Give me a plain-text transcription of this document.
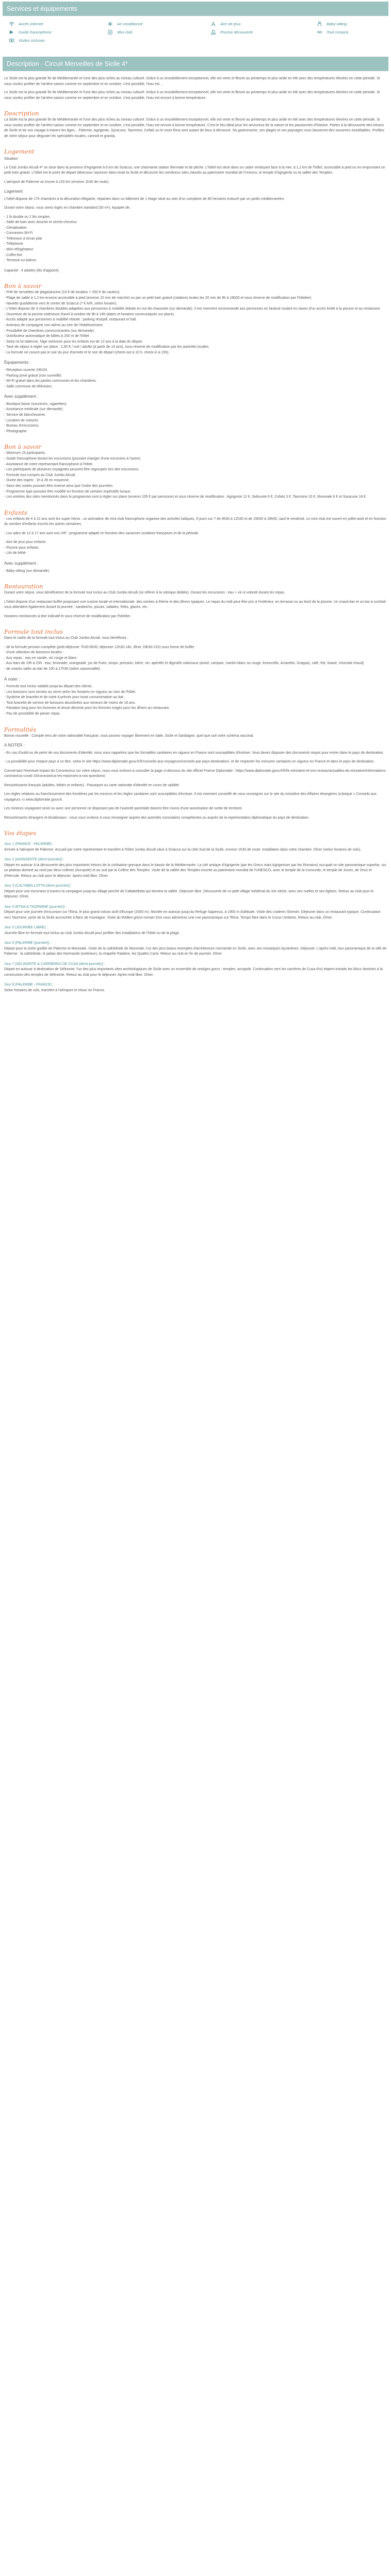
Services et équipements
Accès internet	Air conditionné	Aire de jeux	Baby-sitting
Guide francophone	Mini club	Piscine découverte	Tout compris
Visites incluses
Description - Circuit Merveilles de Sicile 4*

Le Sicile est la plus grande île de Méditerranée et l'une des plus riches au niveau culturel. Grâce à un ensoleillement exceptionnel, elle est verte et fleurie au printemps et plus aride en été avec des températures élevées en cette période. Si vous voulez profiter de l'arrière-saison comme en septembre et en octobre, c'est possible, l'eau est ...

Le Sicile est la plus grande île de Méditerranée et l'une des plus riches au niveau culturel. Grâce à un ensoleillement exceptionnel, elle est verte et fleurie au printemps et plus aride en été avec des températures élevées en cette période. Si vous voulez profiter de l'arrière-saison comme en septembre et en octobre, c'est possible, l'eau est encore à bonne température.

Description

La Sicile est la plus grande île de Méditerranée et l'une des plus riches au niveau culturel. Grâce à un ensoleillement exceptionnel, elle est verte et fleurie au printemps et plus aride en été avec des températures élevées en cette période. Si vous voulez profiter de l'arrière-saison comme en septembre et en octobre, c'est possible, l'eau est encore à bonne température. C'est le lieu idéal pour les amoureux de la nature et les passionnés d'histoire. Partez à la découverte des trésors de Sicile et de son voyage à travers les âges... Palerme, Agrigente, Syracuse, Taormine, Cefalù ou le mont Etna sont autant de lieux à découvrir. Sa gastronomie, ses plages et ses paysages vous laisseront des souvenirs inoubliables. Profitez de votre séjour pour déguster les spécialités locales, cannoli et granita.

Logement
Situation

Le Club Jumbo Alcudi 4* se situe dans la province d'Agrigente à 6 km de Sciacca, une charmante station thermale et de pêche. L'hôtel est situé dans un cadre verdoyant face à la mer, à 1,2 km de l'hôtel, accessible à pied ou en empruntant un petit train gratuit. L'hôtel est le point de départ idéal pour rayonner dans toute la Sicile et découvrir les nombreux sites classés au patrimoine mondial de l'Unesco, le temple d'Agrigente ou la vallée des Temples.

L'aéroport de Palerme se trouve à 120 km (environ 1h30 de route).

Logement

L'hôtel dispose de 175 chambres à la décoration élégante, réparties dans un bâtiment de 1 étage situé au sein d'un complexe de 80 hectares entouré par un jardin méditerranéen.

Durant votre séjour, vous serez logés en chambre standard (30 m²), équipée de :

- 1 lit double ou 2 lits simples
- Salle de bain avec douche et sèche-cheveux
- Climatisation
- Connexion Wi-Fi
- Télévision à écran plat
- Téléphone
- Mini-réfrigérateur
- Coffre-fort
- Terrasse ou balcon

Capacité : 4 adultes (lits d'appoint).

Bon à savoir
- Prêt de serviettes de plage/piscine (10 € de location + 250 € de caution).
- Plage de sable à 1,2 km environ accessible à pied (environ 10 min de marche) ou par un petit train gratuit (rotations toutes les 20 min de 9h à 18h00 et sous réserve de modification par l'hôtelier).
- Navette quotidienne vers le centre de Sciacca (7 € A/R, selon horaire).
- L'hôtel dispose de 3 chambres doubles adaptées aux personnes à mobilité réduite en rez-de-chaussée (sur demande). Il est vivement recommandé aux personnes en fauteuil roulant en raison d'un accès limité à la piscine et au restaurant.
- Ouverture de la piscine extérieure d'avril à octobre de 9h à 19h (dates et horaires communiqués sur place).
- Accès adapté aux personnes à mobilité réduite : parking réceptif, restaurant et hall.
- Animaux de compagnie non admis au sein de l'établissement.
- Possibilité de chambres communicantes (sur demande).
- Distributeur automatique de billets à 250 m de l'hôtel.
- Selon la loi italienne, l'âge minimum pour les enfants est de 12 ans à la date du départ.
- Taxe de séjour à régler sur place : 2,50 € / nuit / adulte (à partir de 14 ans), sous réserve de modification par les autorités locales.
- La formule ne couvre pas le soir du jour d'arrivée et le soir de départ (check-out à 10 h, check-in à 15h).
Équipements :
- Réception ouverte 24h/24.
- Parking privé gratuit (non surveillé).
- Wi-Fi gratuit dans les parties communes et les chambres.
- Salle commune de télévision.
Avec supplément :
- Boutique bazar (souvenirs, cigarettes).
- Assistance médicale (sur demande).
- Service de blanchisserie.
- Location de voitures.
- Bureau d'excursions.
- Photographe.
Bon à savoir
- Minimum 15 participants.
- Guide francophone durant les excursions (pouvant changer d'une excursion à l'autre).
- Assistance de notre représentant francophone à l'hôtel.
- Les participants de plusieurs voyagistes peuvent être regroupés lors des excursions.
- Formule tout compris au Club Jumbo Alcudi.
- Durée des trajets : 1h à 3h en moyenne.
- Sans des visites pouvant être inversé ainsi que l'ordre des journées.
- Programme type pouvant être modifié en fonction de certains impératifs locaux.
- Les entrées des sites mentionnés dans le programme sont à régler sur place (environ 105 € par personne) et sous réserve de modification : Agrigente 12 €, Selinunte 6 €, Cefalù 3 €, Taormine 10 €, Monreale 6 € et Syracuse 18 €.
Enfants

- Les enfants de 4 à 12 ans sont les super héros : un animateur de mini-club francophone organise des activités ludiques, 6 jours sur 7 de 9h30 à 12h30 et de 15h00 à 18h00, sauf le vendredi. Le mini-club est ouvert en juillet-août et en fonction du nombre d'enfants inscrits les autres semaines.

- Les ados de 12 à 17 ans sont nos VIP : programme adapté en fonction des vacances scolaires françaises et de la période.

- Aire de jeux pour enfants.
- Piscine pour enfants.
- Lits de bébé.
Avec supplément :
- Baby-sitting (sur demande).
Restauration

Durant votre séjour, vous bénéficierez de la formule tout inclus au Club Jumbo Alcudi (se référer à la rubrique dédiée). Durant les excursions : eau + vin à volonté durant les repas.

L'hôtel dispose d'un restaurant buffet proposant une cuisine locale et internationale, des soirées à thème et des dîners typiques. Le repas du midi peut être pris à l'extérieur, en terrasse ou au bord de la piscine. Un snack-bar et un bar à cocktail vous attendent également durant la journée : sandwichs, pizzas, salades, frites, glaces, etc.

Horaires mentionnés à titre indicatif et sous réserve de modification par l'hôtelier.

Formule tout inclus

Dans le cadre de la formule tout inclus au Club Jumbo Alcudi, vous bénéficiez :

- de la formule pension complète (petit-déjeuner 7h30-9h30, déjeuner 12h30-14h, dîner 19h30-21h) sous forme de buffet
- d'une sélection de boissons locales :
- Aux repas : eau en carafe, vin rouge et blanc
- Aux bars de 10h à 23h : eau, limonade, orangeade, jus de fruits, sirops, pression, bière, vin, apéritifs et digestifs nationaux (anisé, campari, martini blanc ou rouge, limoncello, Amaretto, Grappa), café, thé, tisane, chocolat chaud)
- de snacks salés au bar de 10h à 17h30 (selon saisonnalité).
À noter :
- Formule tout inclus valable jusqu'au départ des clients.
- Les boissons sont servies au verre selon les horaires en vigueur au sein de l'hôtel.
- Système de bracelet et de carte à prévoir pour toute consommation au bar.
- Tout bracelet de service de boissons alcoolisées aux mineurs de moins de 18 ans.
- Pantalon long pour les hommes et tenue décente pour les femmes exigés pour les dîners au restaurant.
- Pas de possibilité de panier repas.
Formalités

Bonne nouvelle : Compte tenu de votre nationalité française, vous pouvez voyager librement en Italie, Sicile et Sardaigne, quel que soit votre schéma vaccinal.

A NOTER :

- En cas d'oubli ou de perte de vos documents d'identité, nous vous rappelons que les formalités sanitaires en vigueur en France sont susceptibles d'évoluer. Vous devez disposer des documents requis pour entrer dans le pays de destination.

- La possibilité pour chaque pays à ce titre, selon le site https://www.diplomatie.gouv.fr/fr/conseils-aux-voyageurs/conseils-par-pays-destination/, et de respecter les mesures sanitaires en vigueur en France et dans le pays de destination.

Concernant l'éventuel impact du Coronavirus sur votre séjour, nous vous invitons à consulter la page ci-dessous du site officiel France Diplomatie : https://www.diplomatie.gouv.fr/fr/le-ministere-et-son-reseau/actualites-du-ministere/informations-coronavirus-covid-19/coronavirus-les-reponses-a-vos-questions/

Ressortissants français (adultes, bébés et enfants) : Passeport ou carte nationale d'identité en cours de validité.

Les règles relatives au franchissement des frontières par les mineurs et les règles sanitaires sont susceptibles d'évoluer. Il est vivement conseillé de vous renseigner sur le site du ministère des Affaires étrangères (rubrique « Conseils aux voyageurs ») www.diplomatie.gouv.fr.

Les mineurs voyageant seuls ou avec une personne ne disposant pas de l'autorité parentale doivent être munis d'une autorisation de sortie de territoire.

Ressortissants étrangers et binationaux : nous vous invitons à vous renseigner auprès des autorités consulaires compétentes ou auprès de la représentation diplomatique du pays de destination.

Vos étapes
Jour 1 (FRANCE - PALERME) :

Arrivée à l'aéroport de Palerme. Accueil par notre représentant et transfert à l'hôtel Jumbo Alcudi situé à Sciacca sur la côte Sud de la Sicile, environ 1h30 de route. Installation dans votre chambre. Dîner (selon horaires de vols).

Jour 2 (AGRIGENTE (demi-journée)) :

Départ en autocar à la découverte des plus importants trésors de la civilisation grecque dans le bassin de la Méditerranée. La cité antique d'Agrigente (par les Grecs mais Agrigentum par les Romains) occupait un site panoramique superbe, sur un plateau dominé au nord par deux collines (Acropole) et au sud par la Colline des Temples. Visite de la vallée des Temples inscrite au patrimoine mondial de l'UNESCO, avec le temple de la Concorde, le temple de Junon, de Zeus et d'Hercule. Retour au club pour le déjeuner. Après-midi libre. Dîner.

Jour 3 (CALTABELLOTTA (demi-journée)) :

Départ pour une excursion à travers la campagne jusqu'au village perché de Caltabellotta qui domine la vallée. Déjeuner libre. Découverte de ce petit village médiéval du XIe siècle, avec ses ruelles et ses églises. Retour au club pour le déjeuner. Dîner.

Jour 4 (ETNA & TAORMINE (journée)) :

Départ pour une journée d'excursion sur l'Etna, le plus grand volcan actif d'Europe (3300 m). Montée en autocar jusqu'au Refuge Sapienza, à 1900 m d'altitude. Visite des cratères Silvestri. Déjeuner dans un restaurant typique. Continuation vers Taormine, perle de la Sicile accrochée à flanc de montagne. Visite du théâtre gréco-romain d'où vous admirerez une vue panoramique sur l'Etna. Temps libre dans le Corso Umberto. Retour au club. Dîner.

Jour 5 (JOURNÉE LIBRE) :

Journée libre en formule tout inclus au club Jumbo Alcudi pour profiter des installations de l'hôtel ou de la plage.

Jour 6 (PALERME (journée)) :

Départ pour la visite guidée de Palerme et Monreale. Visite de la cathédrale de Monreale, l'un des plus beaux exemples d'architecture normande en Sicile, avec ses mosaïques byzantines. Déjeuner. L'après-midi, tour panoramique de la ville de Palerme : la cathédrale, le palais des Normands (extérieur), la chapelle Palatine, les Quattro Canti. Retour au club en fin de journée. Dîner.

Jour 7 (SELINONTE & CARRIÈRES DE CUSA (demi-journée)) :

Départ en autocar à destination de Sélinonte, l'un des plus importants sites archéologiques de Sicile avec un ensemble de vestiges grecs : temples, acropole. Continuation vers les carrières de Cusa d'où étaient extraits les blocs destinés à la construction des temples de Sélinonte. Retour au club pour le déjeuner. Après-midi libre. Dîner.

Jour 8 (PALERME - FRANCE) :

Selon horaires de vols, transfert à l'aéroport et retour en France.
